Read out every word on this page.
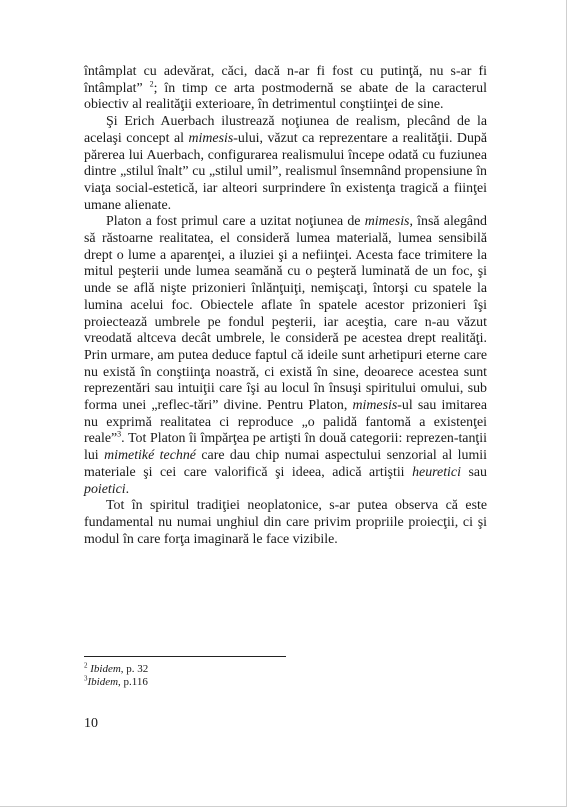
întâmplat cu adevărat, căci, dacă n-ar fi fost cu putinţă, nu s-ar fi întâmplat” $^2$; în timp ce arta postmodernă se abate de la caracterul obiectiv al realităţii exterioare, în detrimentul conştiinţei de sine.

Şi Erich Auerbach ilustrează noţiunea de realism, plecând de la acelaşi concept al mimesis-ului, văzut ca reprezentare a realităţii. După părerea lui Auerbach, configurarea realismului începe odată cu fuziunea dintre „stilul înalt” cu „stilul umil”, realismul însemnând propensiune în viaţa social-estetică, iar alteori surprindere în existenţa tragică a fiinţei umane alienate.

Platon a fost primul care a uzitat noţiunea de mimesis, însă alegând să răstoarne realitatea, el consideră lumea materială, lumea sensibilă drept o lume a aparenţei, a iluziei şi a nefiinţei. Acesta face trimitere la mitul peşterii unde lumea seamănă cu o peşteră luminată de un foc, şi unde se află nişte prizonieri înlănţuiţi, nemişcaţi, întorşi cu spatele la lumina acelui foc. Obiectele aflate în spatele acestor prizonieri îşi proiectează umbrele pe fondul peşterii, iar aceştia, care n-au văzut vreodată altceva decât umbrele, le consideră pe acestea drept realităţi. Prin urmare, am putea deduce faptul că ideile sunt arhetipuri eterne care nu există în conştiinţa noastră, ci există în sine, deoarece acestea sunt reprezentări sau intuiţii care îşi au locul în însuşi spiritului omului, sub forma unei „reflec-tări” divine. Pentru Platon, mimesis-ul sau imitarea nu exprimă realitatea ci reproduce „o palidă fantomă a existenţei reale”$^3$. Tot Platon îi împărţea pe artişti în două categorii: reprezen-tanţii lui mimetiké techné care dau chip numai aspectului senzorial al lumii materiale şi cei care valorifică şi ideea, adică artiştii heuretici sau poietici.

Tot în spiritul tradiţiei neoplatonice, s-ar putea observa că este fundamental nu numai unghiul din care privim propriile proiecţii, ci şi modul în care forţa imaginară le face vizibile.

$^2$ Ibidem, p. 32

$^3$Ibidem, p.116

10
